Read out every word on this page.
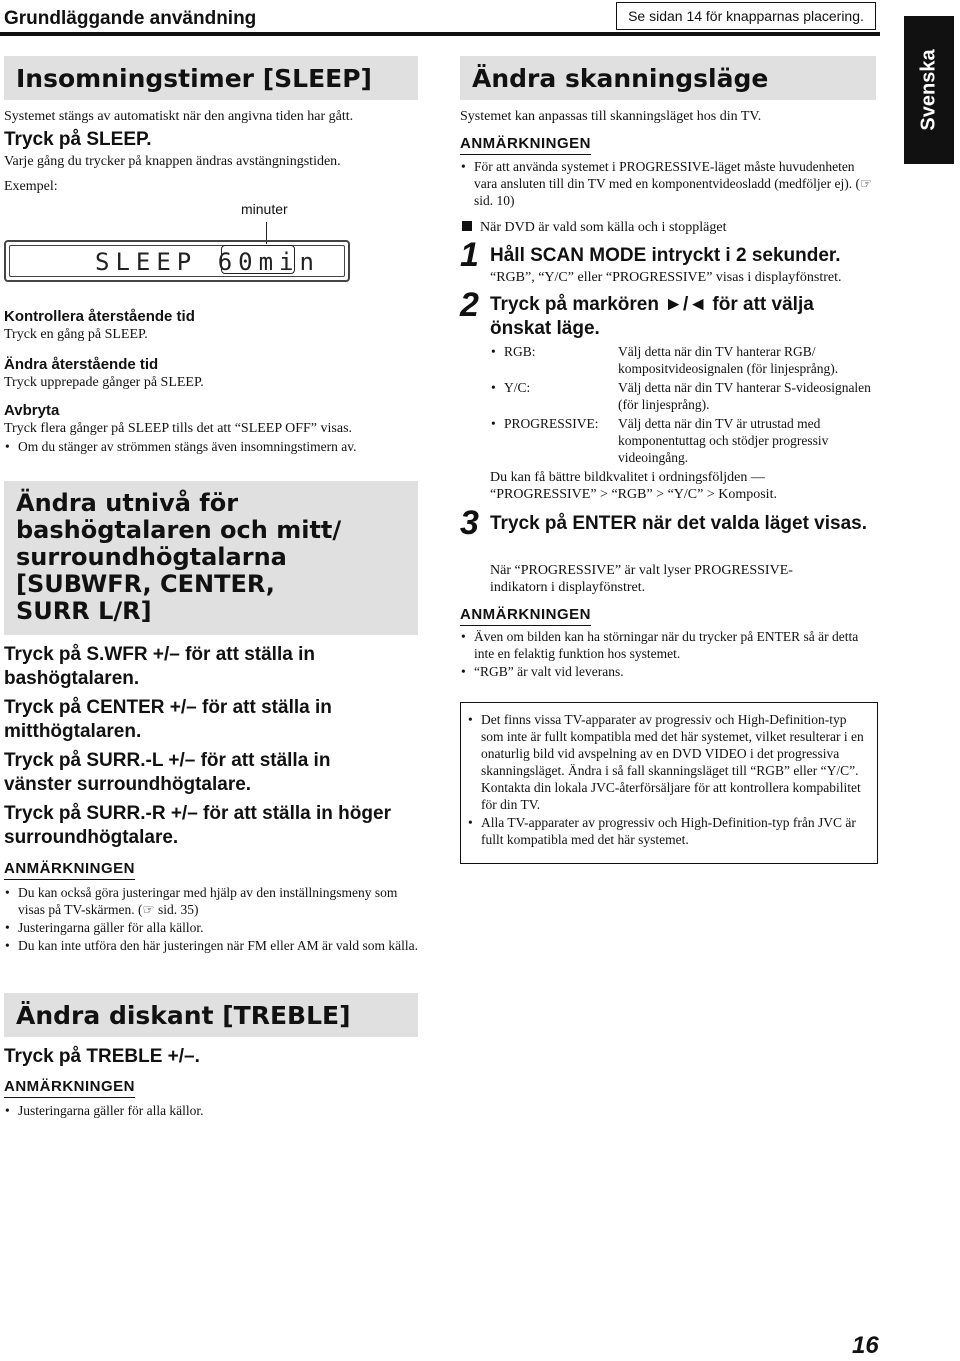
Grundläggande användning	Se sidan 14 för knapparnas placering.
Svenska
Insomningstimer [SLEEP]
Systemet stängs av automatiskt när den angivna tiden har gått.
Tryck på SLEEP.
Varje gång du trycker på knappen ändras avstängningstiden.
Exempel:
minuter
SLEEP 60min
Kontrollera återstående tid
Tryck en gång på SLEEP.
Ändra återstående tid
Tryck upprepade gånger på SLEEP.
Avbryta
Tryck flera gånger på SLEEP tills det att “SLEEP OFF” visas.
• Om du stänger av strömmen stängs även insomningstimern av.
Ändra utnivå för
bashögtalaren och mitt/
surroundhögtalarna
[SUBWFR, CENTER,
SURR L/R]
Tryck på S.WFR +/– för att ställa in bashögtalaren.
Tryck på CENTER +/– för att ställa in mitthögtalaren.
Tryck på SURR.-L +/– för att ställa in vänster surroundhögtalare.
Tryck på SURR.-R +/– för att ställa in höger surroundhögtalare.
ANMÄRKNINGEN
• Du kan också göra justeringar med hjälp av den inställningsmeny som visas på TV-skärmen. (☞ sid. 35)
• Justeringarna gäller för alla källor.
• Du kan inte utföra den här justeringen när FM eller AM är vald som källa.
Ändra diskant [TREBLE]
Tryck på TREBLE +/–.
ANMÄRKNINGEN
• Justeringarna gäller för alla källor.
Ändra skanningsläge
Systemet kan anpassas till skanningsläget hos din TV.
ANMÄRKNINGEN
• För att använda systemet i PROGRESSIVE-läget måste huvudenheten vara ansluten till din TV med en komponentvideosladd (medföljer ej). (☞ sid. 10)
När DVD är vald som källa och i stoppläget
1 Håll SCAN MODE intryckt i 2 sekunder.
“RGB”, “Y/C” eller “PROGRESSIVE” visas i displayfönstret.
2 Tryck på markören ►/◄ för att välja önskat läge.
• RGB:	Välj detta när din TV hanterar RGB/ kompositvideosignalen (för linjesprång).
• Y/C:	Välj detta när din TV hanterar S-videosignalen (för linjesprång).
• PROGRESSIVE: Välj detta när din TV är utrustad med komponentuttag och stödjer progressiv videoingång.
Du kan få bättre bildkvalitet i ordningsföljden — “PROGRESSIVE” > “RGB” > “Y/C” > Komposit.
3 Tryck på ENTER när det valda läget visas.
När “PROGRESSIVE” är valt lyser PROGRESSIVE-indikatorn i displayfönstret.
ANMÄRKNINGEN
• Även om bilden kan ha störningar när du trycker på ENTER så är detta inte en felaktig funktion hos systemet.
• “RGB” är valt vid leverans.
• Det finns vissa TV-apparater av progressiv och High-Definition-typ som inte är fullt kompatibla med det här systemet, vilket resulterar i en onaturlig bild vid avspelning av en DVD VIDEO i det progressiva skanningsläget. Ändra i så fall skanningsläget till “RGB” eller “Y/C”.
Kontakta din lokala JVC-återförsäljare för att kontrollera kompabilitet för din TV.
• Alla TV-apparater av progressiv och High-Definition-typ från JVC är fullt kompatibla med det här systemet.
16
